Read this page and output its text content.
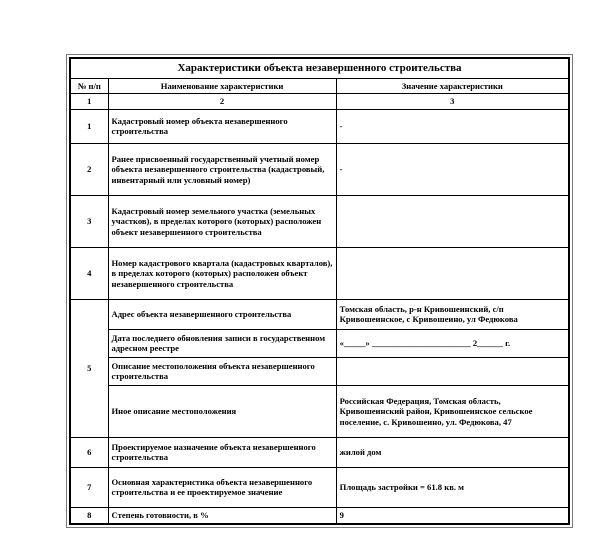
Характеристики объекта незавершенного строительства		
№ п/п	Наименование характеристики	Значение характеристики
1	2	3
1	Кадастровый номер объекта незавершенного строительства	-
2	Ранее присвоенный государственный учетный номер объекта незавершенного строительства (кадастровый, инвентарный или условный номер)	-
3	Кадастровый номер земельного участка (земельных участков), в пределах которого (которых) расположен объект незавершенного строительства	
4	Номер кадастрового квартала (кадастровых кварталов), в пределах которого (которых) расположен объект незавершенного строительства	
5	Адрес объекта незавершенного строительства	Томская область, р-н Кривошеинский, с/п Кривошеинское, с Кривошеино, ул Федюкова
	Дата последнего обновления записи в государственном адресном реестре	«_____» _______________________ 2______ г.
	Описание местоположения объекта незавершенного строительства	
	Иное описание местоположения	Российская Федерация, Томская область, Кривошеинский район, Кривошеинское сельское поселение, с. Кривошеино, ул. Федюкова, 47
6	Проектируемое назначение объекта незавершенного строительства	жилой дом
7	Основная характеристика объекта незавершенного строительства и ее проектируемое значение	Площадь застройки = 61.8 кв. м
8	Степень готовности, в %	9
